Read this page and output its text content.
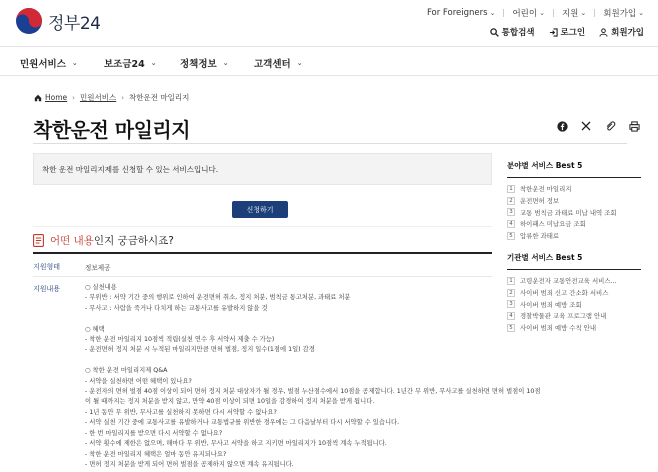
정부24
For Foreigners ⌄ 어린이 ⌄ 지원 ⌄ 회원가입 ⌄
통합검색	로그인	회원가입
민원서비스 ⌄	보조금24 ⌄ 정책정보 ⌄	고객센터 ⌄
Home › 민원서비스 › 착한운전 마일리지
착한운전 마일리지
착한 운전 마일리지제를 신청할 수 있는 서비스입니다.
신청하기
어떤 내용인지 궁금하시죠?
지원형태	정보제공
지원내용	○ 실천내용
- 무위반 : 서약 기간 중의 행위로 인하여 운전면허 취소, 정지 처분, 범칙금 통고처분, 과태료 처분
- 무사고 : 사람을 죽거나 다치게 하는 교통사고를 유발하지 않을 것

○ 혜택
- 착한 운전 마일리지 10점씩 적립(실천 연수 후 서약서 제출 수 가능)
- 운전면허 정지 처분 시 누적된 마일리지만큼 면허 벌점, 정지 일수(1점에 1일) 감경

○ 착한 운전 마일리지제 Q&A
- 서약을 실천하면 어떤 혜택이 있나요?
- 운전자의 면허 벌점 40점 이상이 되어 면허 정지 처분 대상자가 될 경우, 벌점 누산점수에서 10점을 공제합니다. 1년간 무 위반, 무사고를 실천하면 면허 벌점이 10점
이 될 때까지는 정지 처분을 받지 않고, 만약 40점 이상이 되면 10일을 감경하여 정지 처분을 받게 됩니다.
- 1년 동안 무 위반, 무사고를 실천하지 못하면 다시 서약할 수 없나요?
- 서약 실천 기간 중에 교통사고를 유발하거나 교통법규를 위반한 경우에는 그 다음날부터 다시 서약할 수 있습니다.
- 한 번 마일리지를 받으면 다시 서약할 수 없나요?
- 서약 횟수에 제한은 없으며, 해마다 무 위반, 무사고 서약을 하고 지키면 마일리지가 10점씩 계속 누적됩니다.
- 착한 운전 마일리지 혜택은 얼마 동안 유지되나요?
- 면허 정지 처분을 받게 되어 면허 벌점을 공제하지 않으면 계속 유지됩니다.
분야별 서비스 Best 5
1	착한운전 마일리지
2	운전면허 정보
3	교통 범칙금 과태료 미납 내역 조회
4	하이패스 미납요금 조회
5	압류한 과태료
기관별 서비스 Best 5
1	고령운전자 교통안전교육 서비스...
2	사이버 범죄 신고 간소화 서비스
3	사이버 범죄 예방 조회
4	경찰박물관 교육 프로그램 안내
5	사이버 범죄 예방 수칙 안내
